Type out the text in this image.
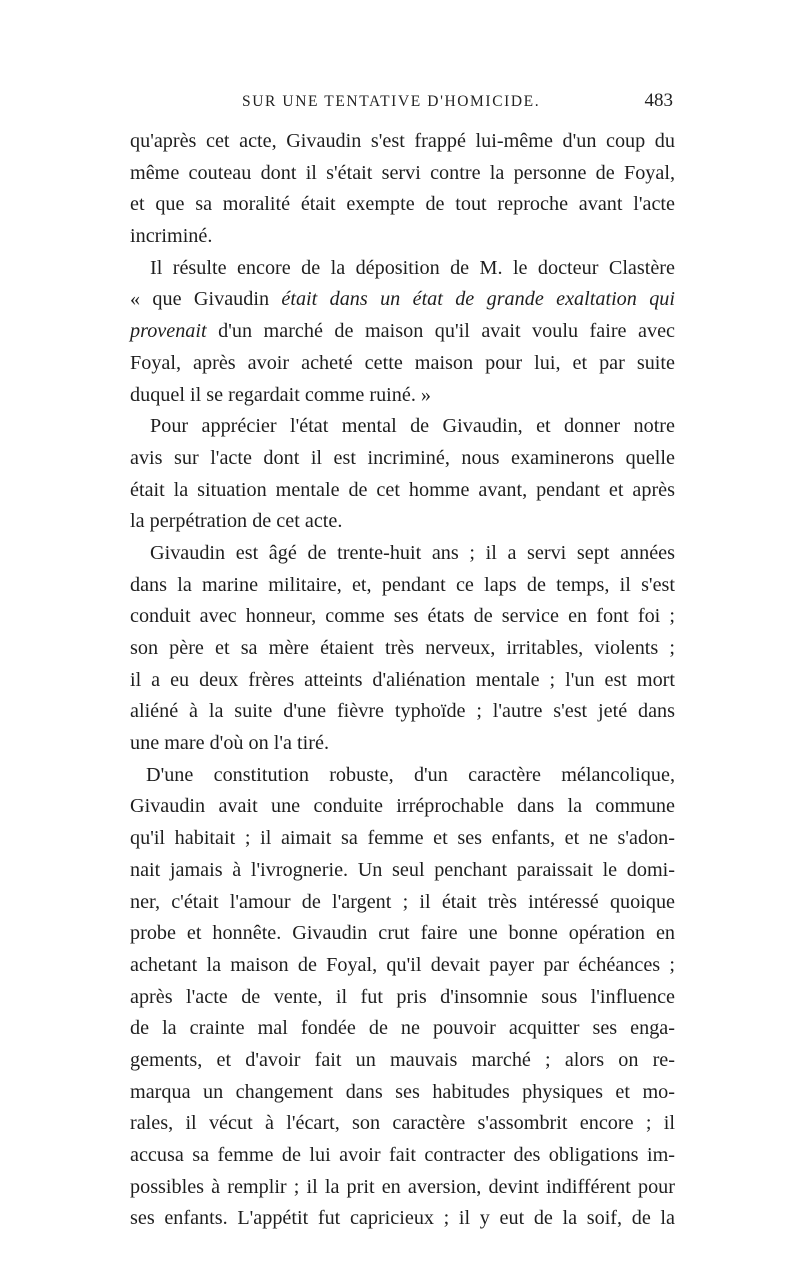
SUR UNE TENTATIVE D'HOMICIDE.	483
qu'après cet acte, Givaudin s'est frappé lui-même d'un coup du
même couteau dont il s'était servi contre la personne de Foyal,
et que sa moralité était exempte de tout reproche avant l'acte
incriminé.
Il résulte encore de la déposition de M. le docteur Clastère
« que Givaudin était dans un état de grande exaltation qui
provenait d'un marché de maison qu'il avait voulu faire avec
Foyal, après avoir acheté cette maison pour lui, et par suite
duquel il se regardait comme ruiné. »
Pour apprécier l'état mental de Givaudin, et donner notre
avis sur l'acte dont il est incriminé, nous examinerons quelle
était la situation mentale de cet homme avant, pendant et après
la perpétration de cet acte.
Givaudin est âgé de trente-huit ans ; il a servi sept années
dans la marine militaire, et, pendant ce laps de temps, il s'est
conduit avec honneur, comme ses états de service en font foi ;
son père et sa mère étaient très nerveux, irritables, violents ;
il a eu deux frères atteints d'aliénation mentale ; l'un est mort
aliéné à la suite d'une fièvre typhoïde ; l'autre s'est jeté dans
une mare d'où on l'a tiré.
D'une constitution robuste, d'un caractère mélancolique,
Givaudin avait une conduite irréprochable dans la commune
qu'il habitait ; il aimait sa femme et ses enfants, et ne s'adon-
nait jamais à l'ivrognerie. Un seul penchant paraissait le domi-
ner, c'était l'amour de l'argent ; il était très intéressé quoique
probe et honnête. Givaudin crut faire une bonne opération en
achetant la maison de Foyal, qu'il devait payer par échéances ;
après l'acte de vente, il fut pris d'insomnie sous l'influence
de la crainte mal fondée de ne pouvoir acquitter ses enga-
gements, et d'avoir fait un mauvais marché ; alors on re-
marqua un changement dans ses habitudes physiques et mo-
rales, il vécut à l'écart, son caractère s'assombrit encore ; il
accusa sa femme de lui avoir fait contracter des obligations im-
possibles à remplir ; il la prit en aversion, devint indifférent pour
ses enfants. L'appétit fut capricieux ; il y eut de la soif, de la
